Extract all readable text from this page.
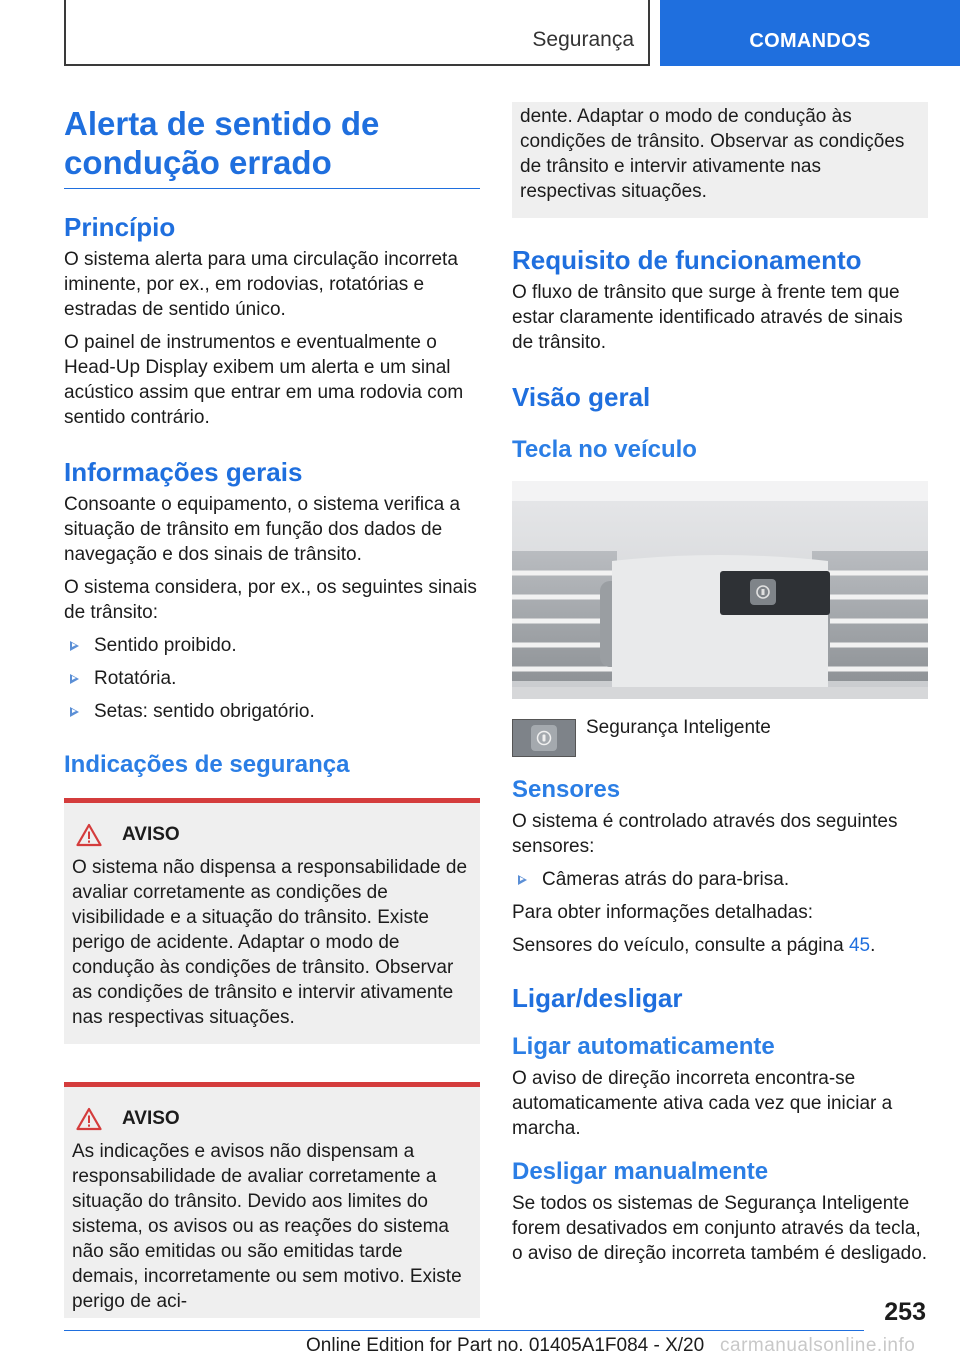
Segurança	COMANDOS
Alerta de sentido de condução errado
Princípio

O sistema alerta para uma circulação incorreta iminente, por ex., em rodovias, rotatórias e estradas de sentido único.

O painel de instrumentos e eventualmente o Head-Up Display exibem um alerta e um sinal acústico assim que entrar em uma rodovia com sentido contrário.

Informações gerais

Consoante o equipamento, o sistema verifica a situação de trânsito em função dos dados de navegação e dos sinais de trânsito.

O sistema considera, por ex., os seguintes sinais de trânsito:

Sentido proibido.
Rotatória.
Setas: sentido obrigatório.
Indicações de segurança
AVISO

O sistema não dispensa a responsabilidade de avaliar corretamente as condições de visibilidade e a situação do trânsito. Existe perigo de acidente. Adaptar o modo de condução às condições de trânsito. Observar as condições de trânsito e intervir ativamente nas respectivas situações.

AVISO

As indicações e avisos não dispensam a responsabilidade de avaliar corretamente a situação do trânsito. Devido aos limites do sistema, os avisos ou as reações do sistema não são emitidas ou são emitidas tarde demais, incorretamente ou sem motivo. Existe perigo de aci-

dente. Adaptar o modo de condução às condições de trânsito. Observar as condições de trânsito e intervir ativamente nas respectivas situações.

Requisito de funcionamento

O fluxo de trânsito que surge à frente tem que estar claramente identificado através de sinais de trânsito.

Visão geral
Tecla no veículo

Segurança Inteligente

Sensores

O sistema é controlado através dos seguintes sensores:

Câmeras atrás do para-brisa.

Para obter informações detalhadas:

Sensores do veículo, consulte a página 45.

Ligar/desligar
Ligar automaticamente

O aviso de direção incorreta encontra-se automaticamente ativa cada vez que iniciar a marcha.

Desligar manualmente

Se todos os sistemas de Segurança Inteligente forem desativados em conjunto através da tecla, o aviso de direção incorreta também é desligado.

253
Online Edition for Part no. 01405A1F084 - X/20 carmanualsonline.info
